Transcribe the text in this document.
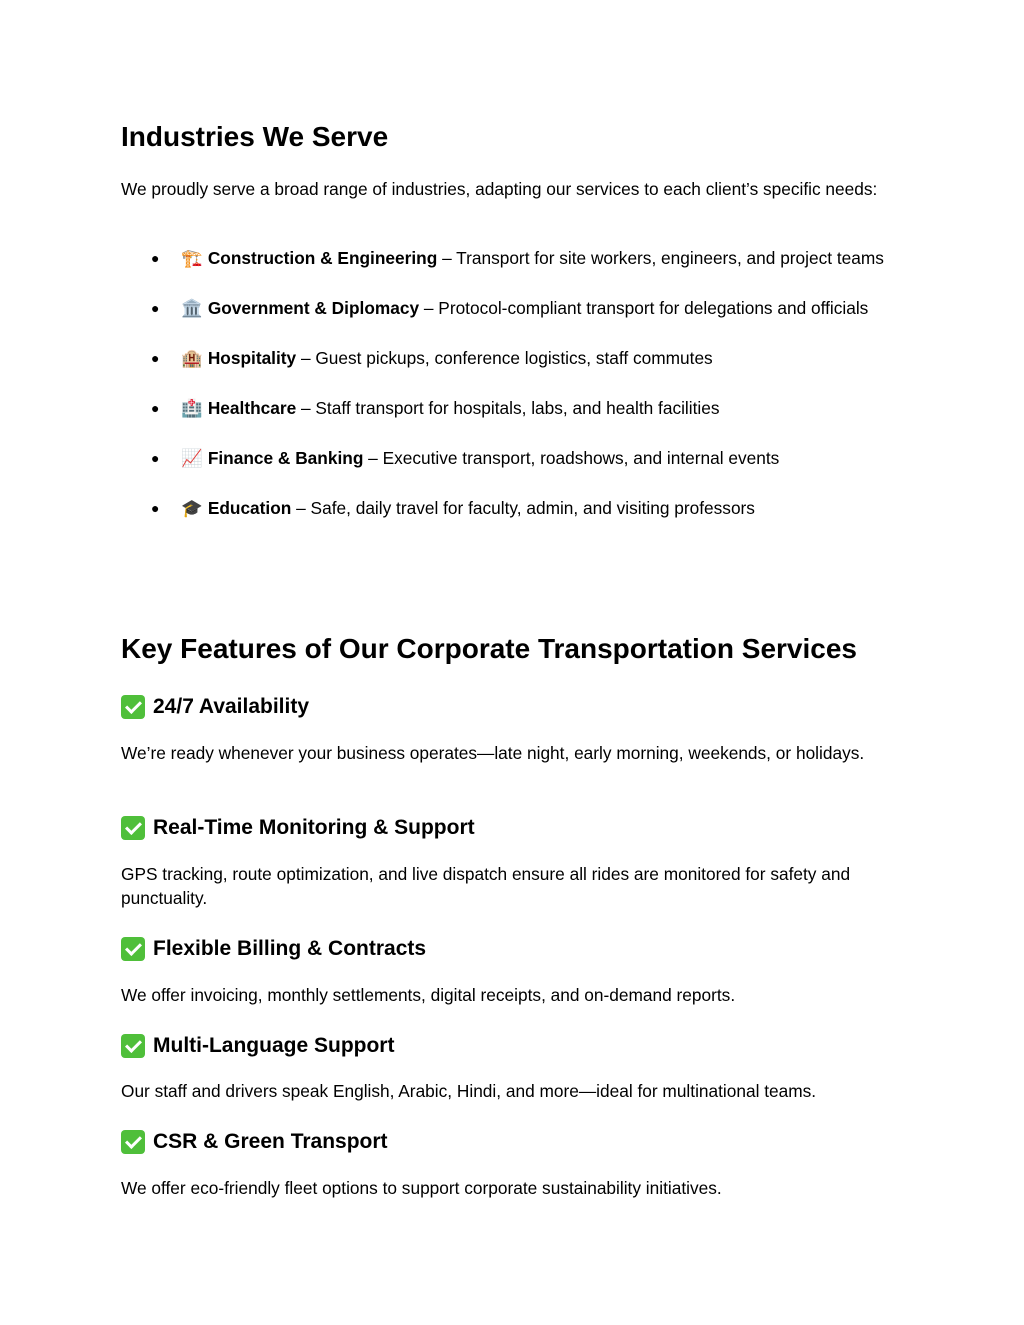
Industries We Serve

We proudly serve a broad range of industries, adapting our services to each client’s specific needs:

● 🏗️ Construction & Engineering – Transport for site workers, engineers, and project teams
● 🏛️ Government & Diplomacy – Protocol-compliant transport for delegations and officials
● 🏨 Hospitality – Guest pickups, conference logistics, staff commutes
● 🏥 Healthcare – Staff transport for hospitals, labs, and health facilities
● 📈 Finance & Banking – Executive transport, roadshows, and internal events
● 🎓 Education – Safe, daily travel for faculty, admin, and visiting professors
Key Features of Our Corporate Transportation Services
24/7 Availability

We’re ready whenever your business operates—late night, early morning, weekends, or holidays.

Real-Time Monitoring & Support

GPS tracking, route optimization, and live dispatch ensure all rides are monitored for safety and punctuality.

Flexible Billing & Contracts

We offer invoicing, monthly settlements, digital receipts, and on-demand reports.

Multi-Language Support

Our staff and drivers speak English, Arabic, Hindi, and more—ideal for multinational teams.

CSR & Green Transport

We offer eco-friendly fleet options to support corporate sustainability initiatives.
